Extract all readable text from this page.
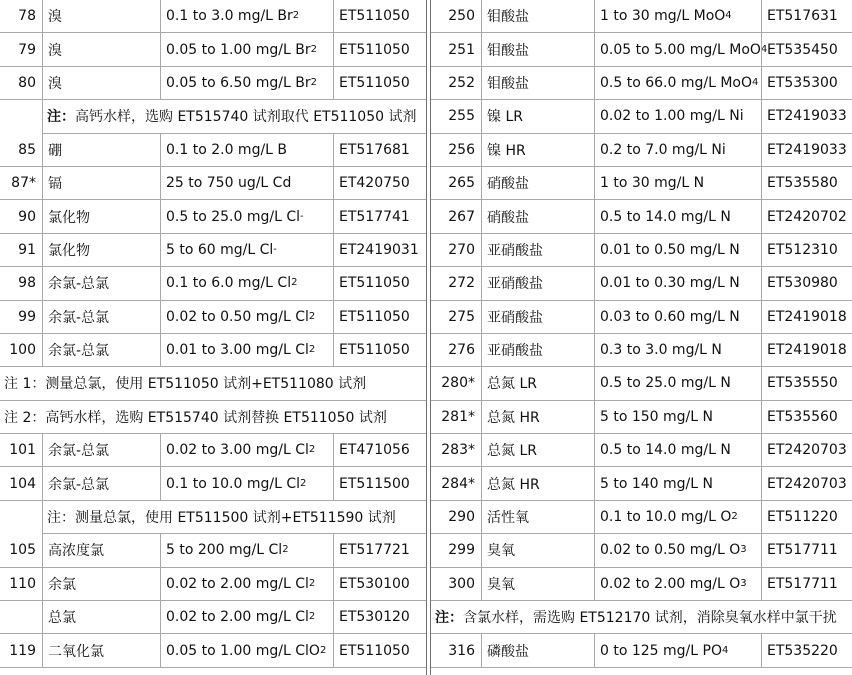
78 溴	0.1 to 3.0 mg/L Br 2	ET511050
79 溴	0.05 to 1.00 mg/L Br 2 ET511050
80 溴	0.05 to 6.50 mg/L Br 2 ET511050
注： 高钙水样，选购 ET515740 试剂取代 ET511050 试剂
85 硼	0.1 to 2.0 mg/L B	ET517681
87* 镉	25 to 750 ug/L Cd	ET420750
90 氯化物	0.5 to 25.0 mg/L Cl -	ET517741
91 氯化物	5 to 60 mg/L Cl -	ET2419031
98 余氯-总氯	0.1 to 6.0 mg/L Cl 2	ET511050
99 余氯-总氯	0.02 to 0.50 mg/L Cl 2 ET511050
100 余氯-总氯	0.01 to 3.00 mg/L Cl 2 ET511050
注 1：测量总氯，使用 ET511050 试剂+ET511080 试剂
注 2：高钙水样，选购 ET515740 试剂替换 ET511050 试剂
101 余氯-总氯	0.02 to 3.00 mg/L Cl 2 ET471056
104 余氯-总氯	0.1 to 10.0 mg/L Cl 2 ET511500
注：测量总氯，使用 ET511500 试剂+ET511590 试剂
105 高浓度氯	5 to 200 mg/L Cl 2	ET517721
110 余氯	0.02 to 2.00 mg/L Cl 2 ET530100
总氯	0.02 to 2.00 mg/L Cl 2 ET530120
119 二氧化氯	0.05 to 1.00 mg/L ClO 2 ET511050
250 钼酸盐	1 to 30 mg/L MoO 4	ET517631
251 钼酸盐	0.05 to 5.00 mg/L MoO 4 ET535450
252 钼酸盐	0.5 to 66.0 mg/L MoO 4 ET535300
255 镍 LR	0.02 to 1.00 mg/L Ni ET2419033
256 镍 HR	0.2 to 7.0 mg/L Ni	ET2419033
265 硝酸盐	1 to 30 mg/L N	ET535580
267 硝酸盐	0.5 to 14.0 mg/L N	ET2420702
270 亚硝酸盐	0.01 to 0.50 mg/L N ET512310
272 亚硝酸盐	0.01 to 0.30 mg/L N ET530980
275 亚硝酸盐	0.03 to 0.60 mg/L N ET2419018
276 亚硝酸盐	0.3 to 3.0 mg/L N	ET2419018
280* 总氮 LR	0.5 to 25.0 mg/L N	ET535550
281* 总氮 HR	5 to 150 mg/L N	ET535560
283* 总氮 LR	0.5 to 14.0 mg/L N	ET2420703
284* 总氮 HR	5 to 140 mg/L N	ET2420703
290 活性氧	0.1 to 10.0 mg/L O 2 ET511220
299 臭氧	0.02 to 0.50 mg/L O 3 ET517711
300 臭氧	0.02 to 2.00 mg/L O 3 ET517711
注： 含氯水样，需选购 ET512170 试剂，消除臭氧水样中氯干扰
316 磷酸盐	0 to 125 mg/L PO 4	ET535220
